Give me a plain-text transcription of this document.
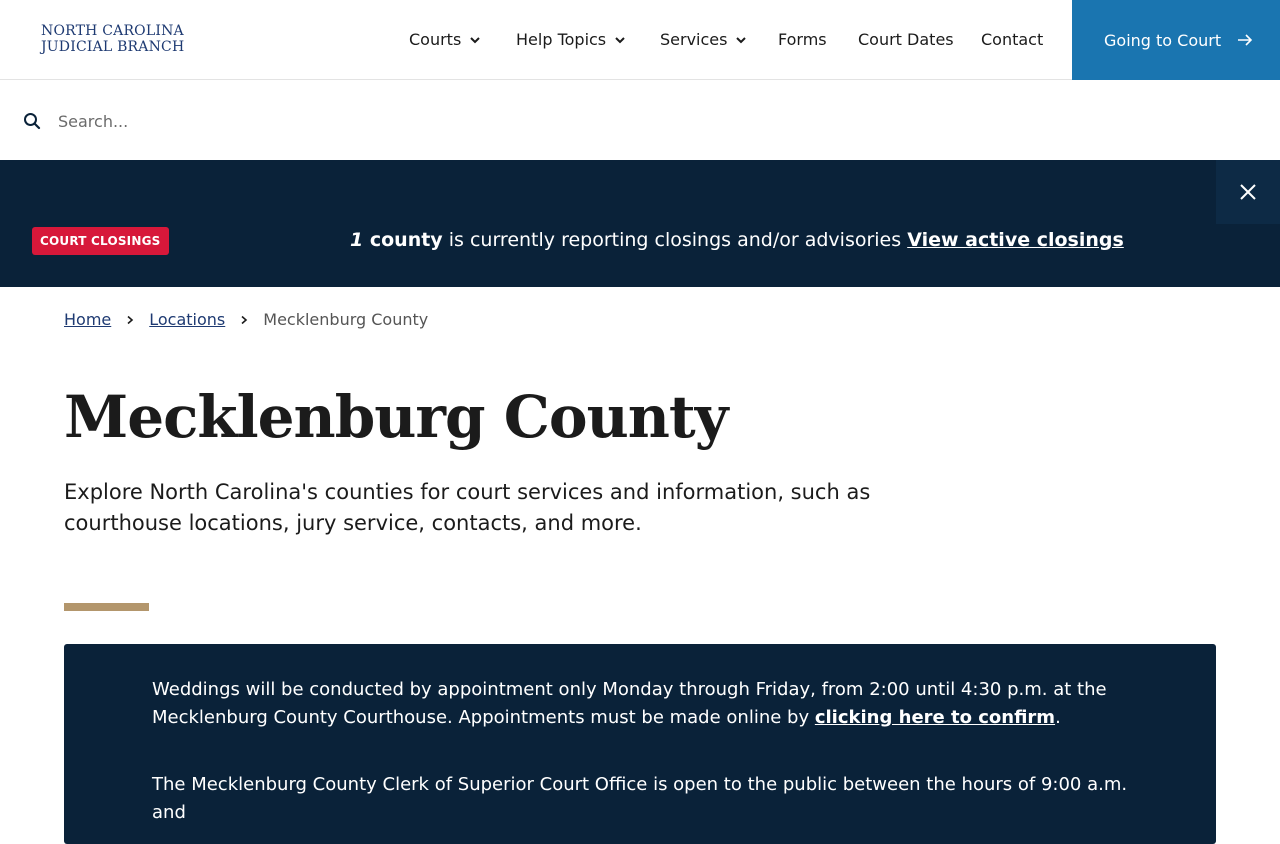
NORTH CAROLINA
JUDICIAL BRANCH	Courts	Help Topics	Services	Forms Court Dates Contact	Going to Court
Search...
COURT CLOSINGS	1 county is currently reporting closings and/or advisories View active closings
Home Locations Mecklenburg County
Mecklenburg County

Explore North Carolina's counties for court services and information, such as courthouse locations, jury service, contacts, and more.

Weddings will be conducted by appointment only Monday through Friday, from 2:00 until 4:30 p.m. at the Mecklenburg County Courthouse. Appointments must be made online by clicking here to confirm.

The Mecklenburg County Clerk of Superior Court Office is open to the public between the hours of 9:00 a.m. and
